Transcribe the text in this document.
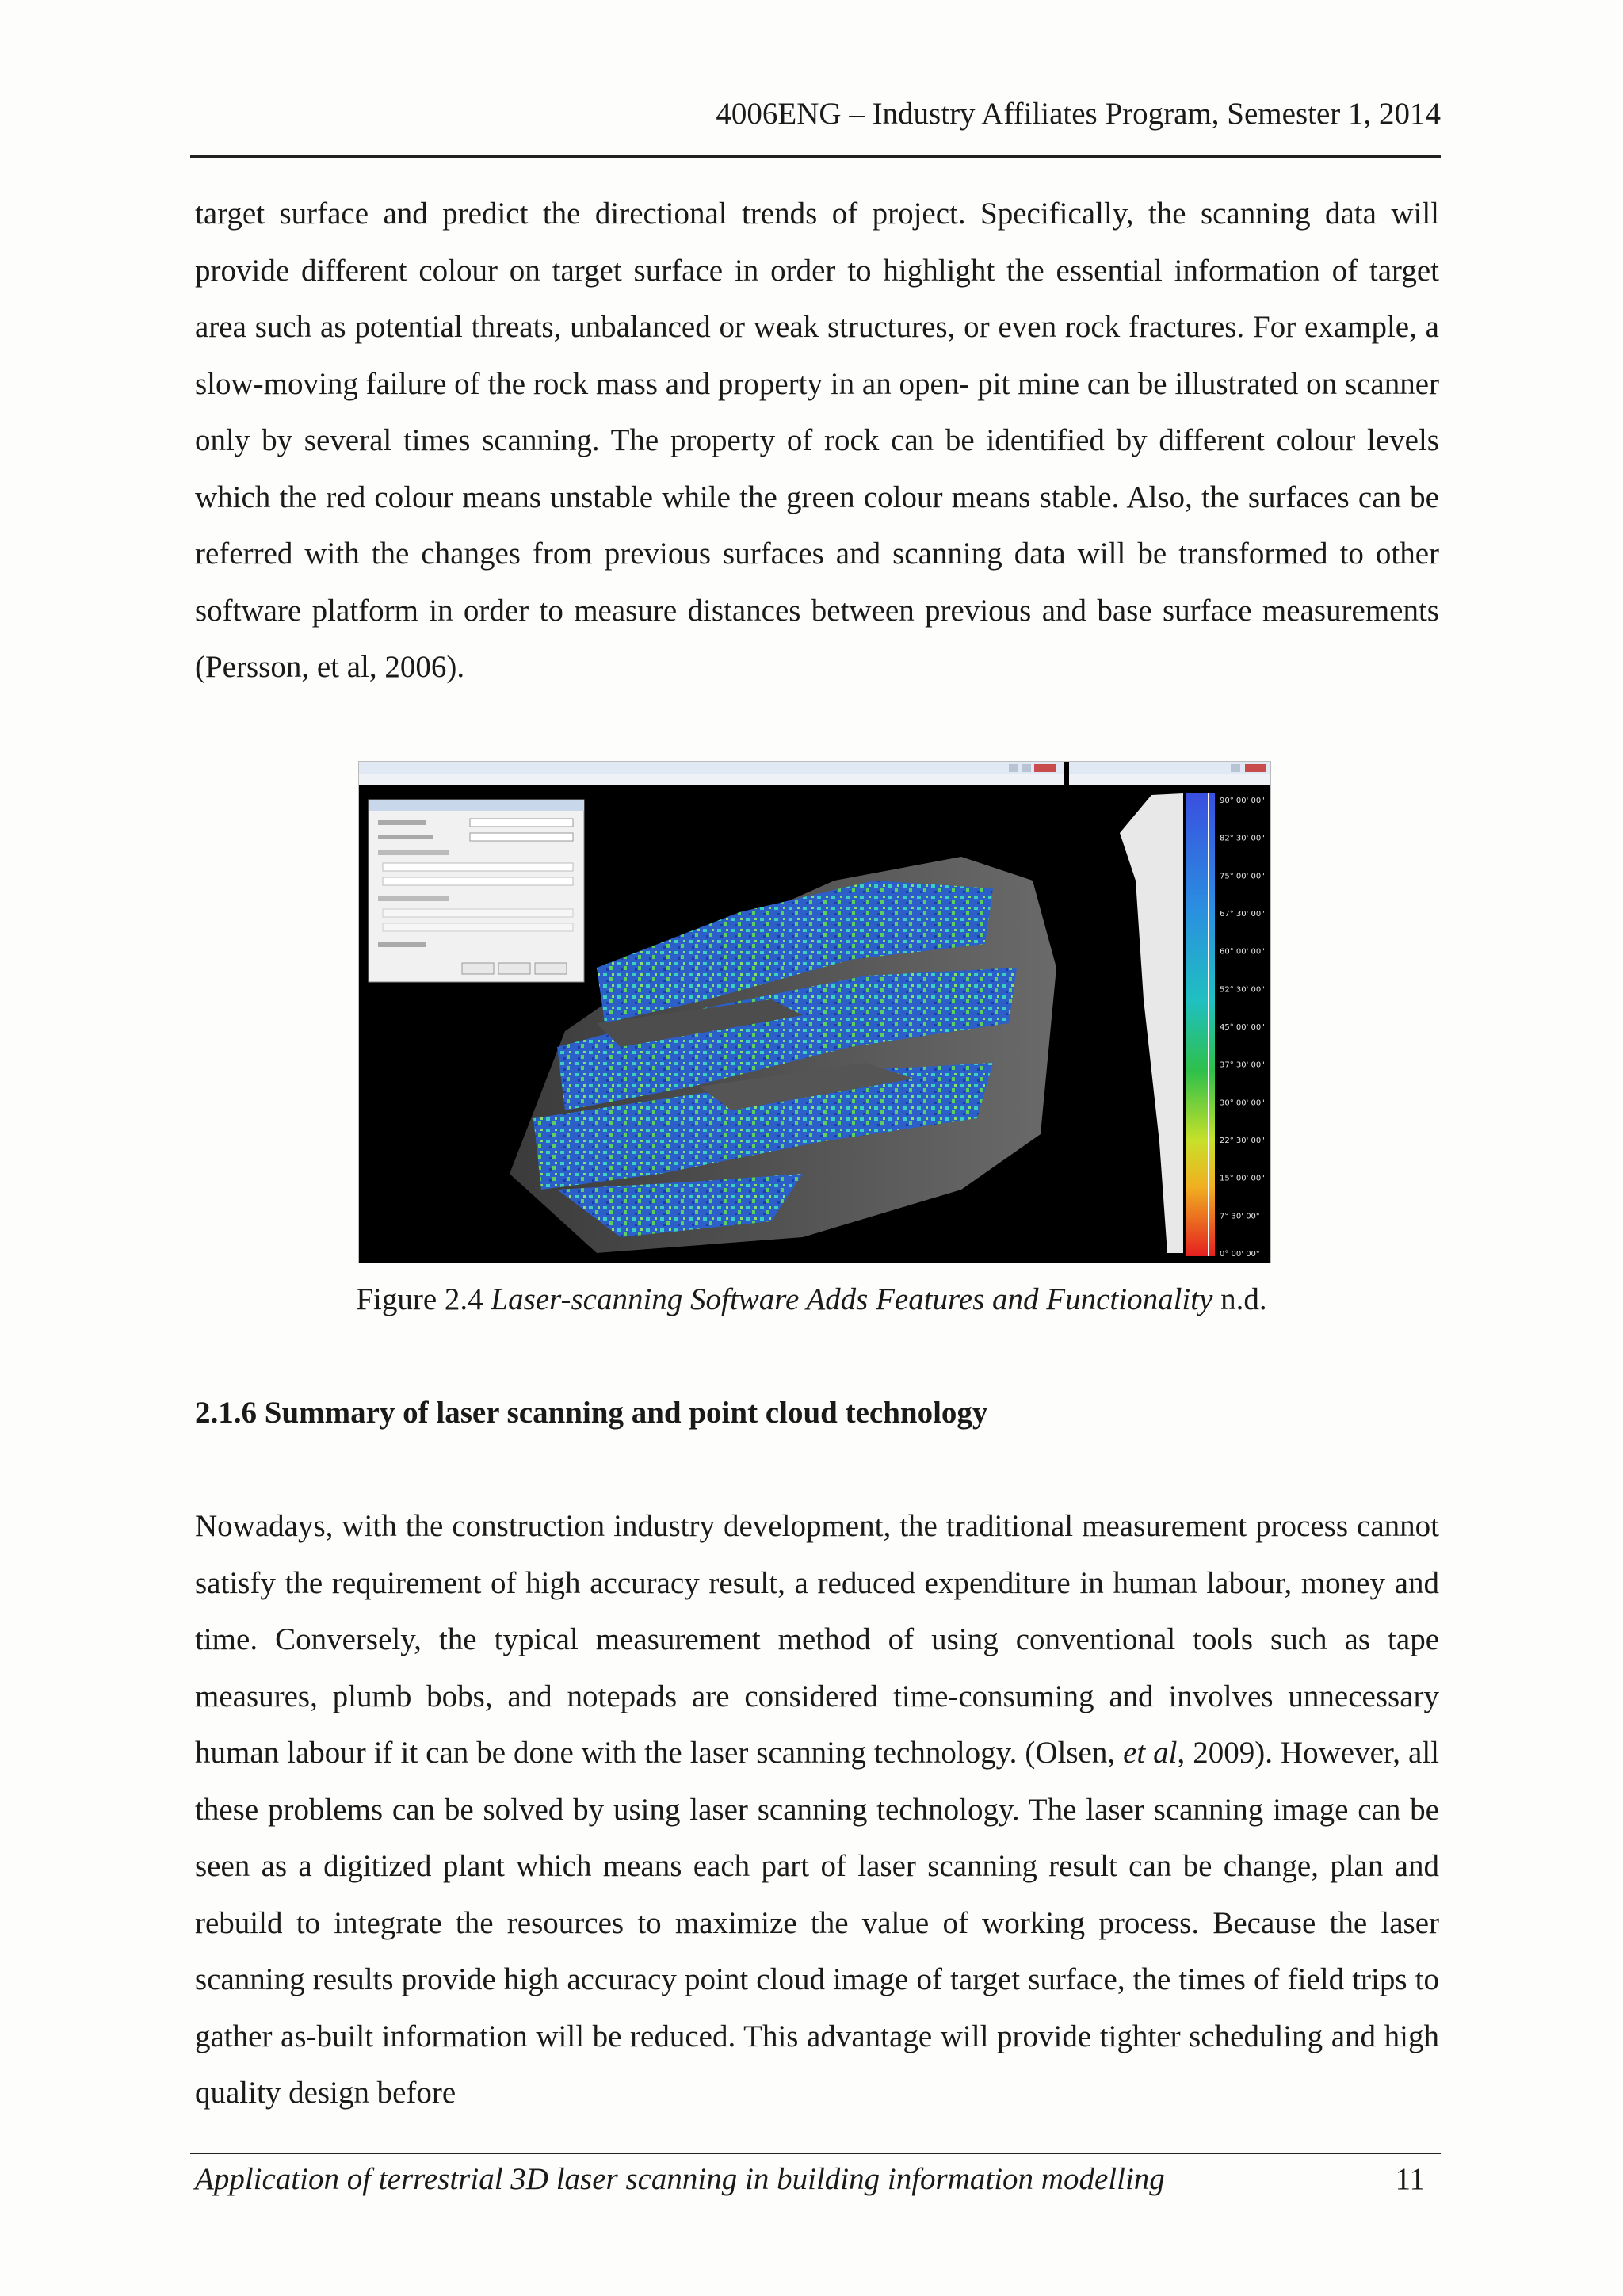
4006ENG – Industry Affiliates Program, Semester 1, 2014

target surface and predict the directional trends of project. Specifically, the scanning data will provide different colour on target surface in order to highlight the essential information of target area such as potential threats, unbalanced or weak structures, or even rock fractures. For example, a slow-moving failure of the rock mass and property in an open- pit mine can be illustrated on scanner only by several times scanning. The property of rock can be identified by different colour levels which the red colour means unstable while the green colour means stable. Also, the surfaces can be referred with the changes from previous surfaces and scanning data will be transformed to other software platform in order to measure distances between previous and base surface measurements (Persson, et al, 2006).

90° 00' 00"
82° 30' 00"
75° 00' 00"
67° 30' 00"
60° 00' 00"
52° 30' 00"
45° 00' 00"
37° 30' 00"
30° 00' 00"
22° 30' 00"
15° 00' 00"
7° 30' 00"
0° 00' 00"
Figure 2.4 Laser-scanning Software Adds Features and Functionality n.d.
2.1.6 Summary of laser scanning and point cloud technology

Nowadays, with the construction industry development, the traditional measurement process cannot satisfy the requirement of high accuracy result, a reduced expenditure in human labour, money and time. Conversely, the typical measurement method of using conventional tools such as tape measures, plumb bobs, and notepads are considered time-consuming and involves unnecessary human labour if it can be done with the laser scanning technology. (Olsen, et al, 2009). However, all these problems can be solved by using laser scanning technology. The laser scanning image can be seen as a digitized plant which means each part of laser scanning result can be change, plan and rebuild to integrate the resources to maximize the value of working process. Because the laser scanning results provide high accuracy point cloud image of target surface, the times of field trips to gather as-built information will be reduced. This advantage will provide tighter scheduling and high quality design before

Application of terrestrial 3D laser scanning in building information modelling	11
